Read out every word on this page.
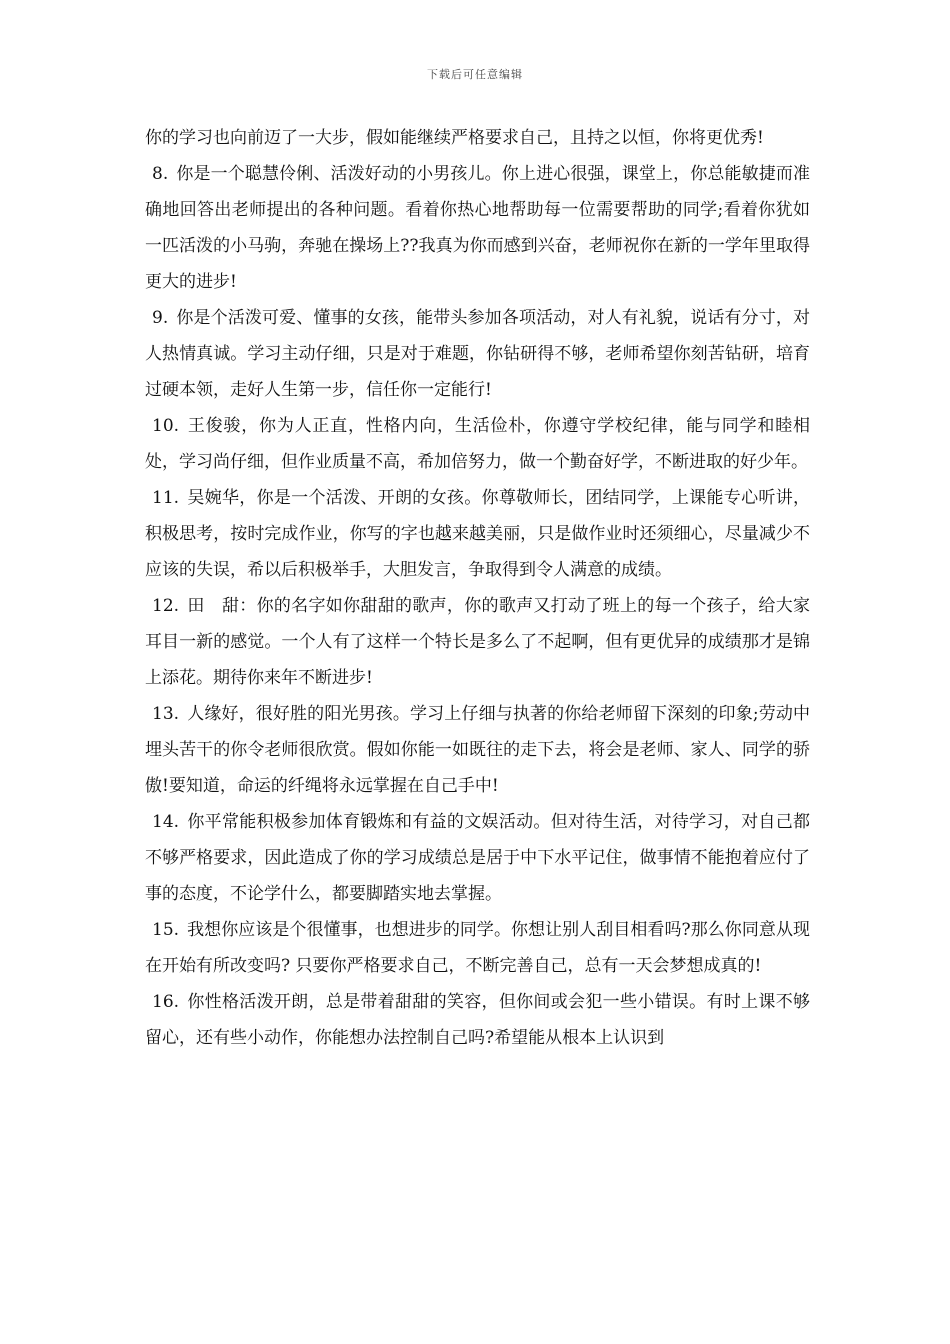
下载后可任意编辑

你的学习也向前迈了一大步，假如能继续严格要求自己，且持之以恒，你将更优秀!

8. 你是一个聪慧伶俐、活泼好动的小男孩儿。你上进心很强，课堂上，你总能敏捷而准确地回答出老师提出的各种问题。看着你热心地帮助每一位需要帮助的同学;看着你犹如一匹活泼的小马驹，奔驰在操场上??我真为你而感到兴奋，老师祝你在新的一学年里取得更大的进步!

9. 你是个活泼可爱、懂事的女孩，能带头参加各项活动，对人有礼貌，说话有分寸，对人热情真诚。学习主动仔细，只是对于难题，你钻研得不够，老师希望你刻苦钻研，培育过硬本领，走好人生第一步，信任你一定能行!

10. 王俊骏，你为人正直，性格内向，生活俭朴，你遵守学校纪律，能与同学和睦相处，学习尚仔细，但作业质量不高，希加倍努力，做一个勤奋好学，不断进取的好少年。

11. 吴婉华，你是一个活泼、开朗的女孩。你尊敬师长，团结同学，上课能专心听讲，积极思考，按时完成作业，你写的字也越来越美丽，只是做作业时还须细心，尽量减少不应该的失误，希以后积极举手，大胆发言，争取得到令人满意的成绩。

12. 田　甜：你的名字如你甜甜的歌声，你的歌声又打动了班上的每一个孩子，给大家耳目一新的感觉。一个人有了这样一个特长是多么了不起啊，但有更优异的成绩那才是锦上添花。期待你来年不断进步!

13. 人缘好，很好胜的阳光男孩。学习上仔细与执著的你给老师留下深刻的印象;劳动中埋头苦干的你令老师很欣赏。假如你能一如既往的走下去，将会是老师、家人、同学的骄傲!要知道，命运的纤绳将永远掌握在自己手中!

14. 你平常能积极参加体育锻炼和有益的文娱活动。但对待生活，对待学习，对自己都不够严格要求，因此造成了你的学习成绩总是居于中下水平记住，做事情不能抱着应付了事的态度，不论学什么，都要脚踏实地去掌握。

15. 我想你应该是个很懂事，也想进步的同学。你想让别人刮目相看吗?那么你同意从现在开始有所改变吗? 只要你严格要求自己，不断完善自己，总有一天会梦想成真的!

16. 你性格活泼开朗，总是带着甜甜的笑容，但你间或会犯一些小错误。有时上课不够留心，还有些小动作，你能想办法控制自己吗?希望能从根本上认识到
